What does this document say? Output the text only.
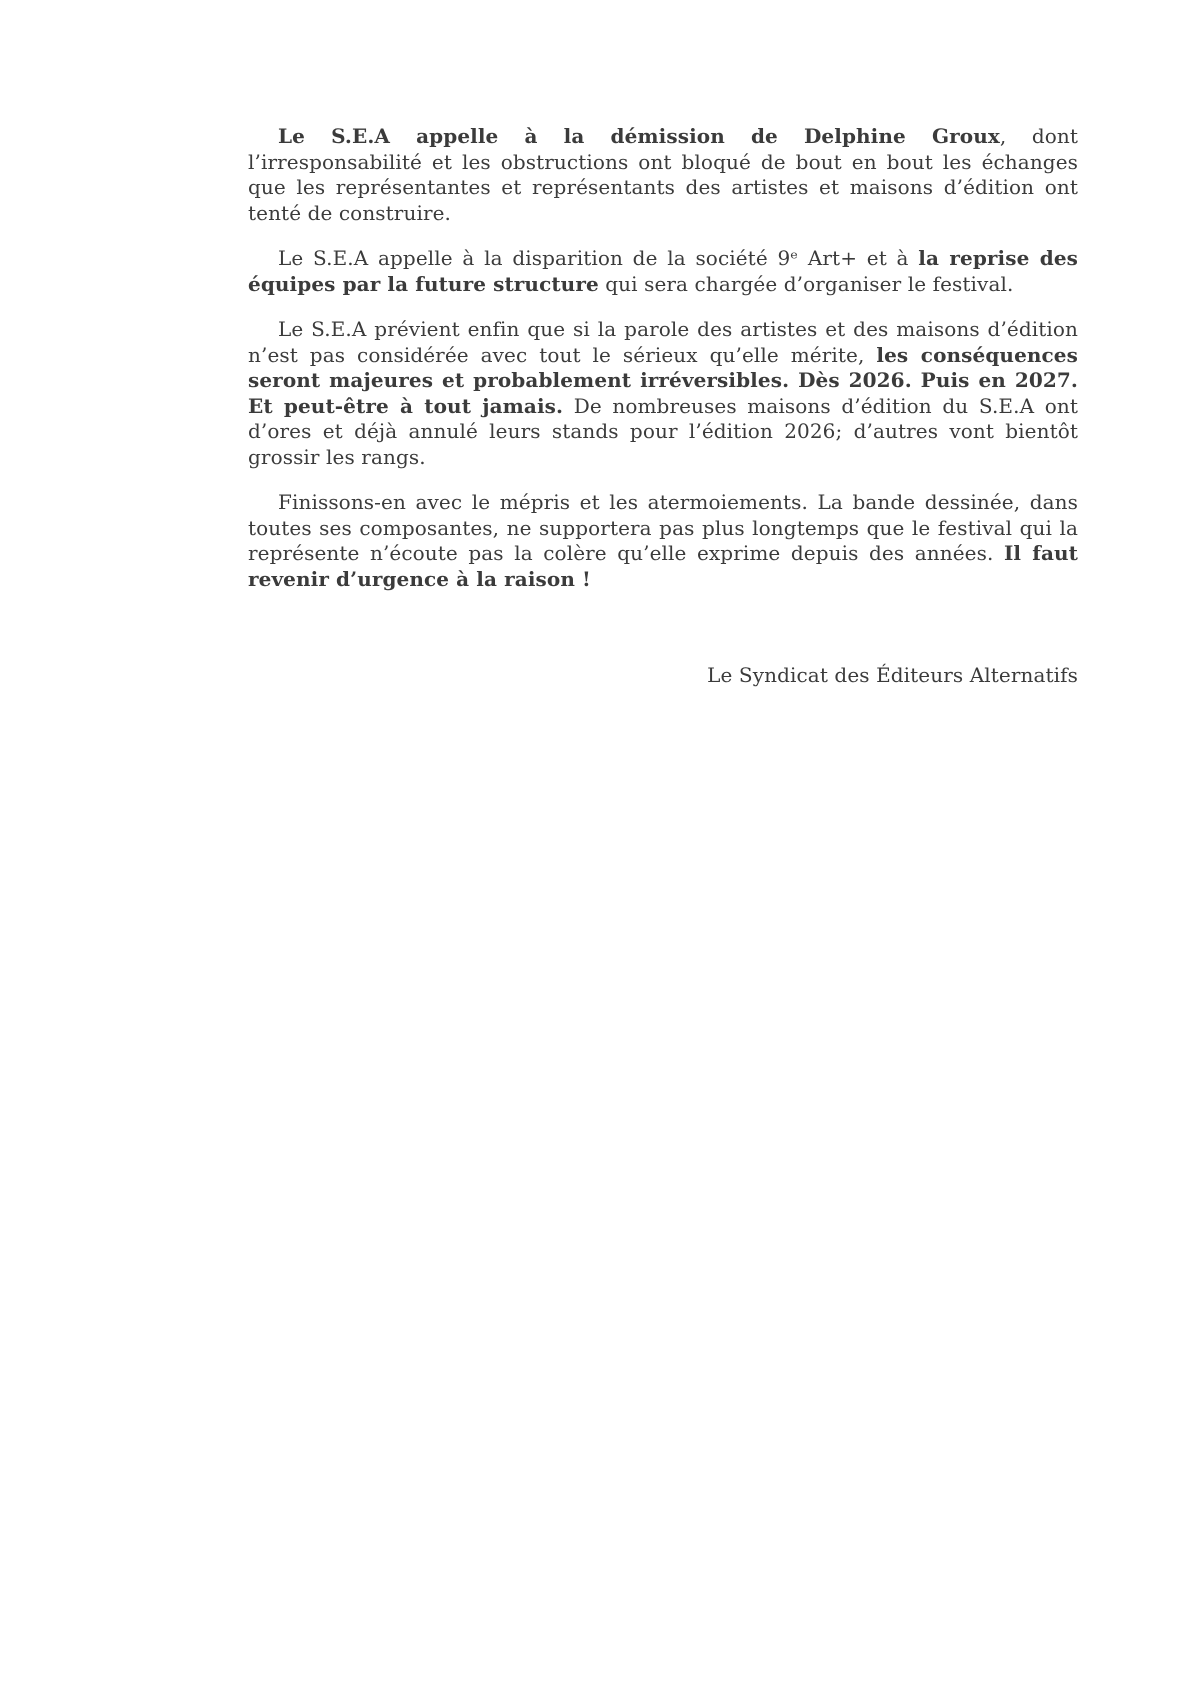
Le S.E.A appelle à la démission de Delphine Groux, dont l’irresponsabilité et les obstructions ont bloqué de bout en bout les échanges que les représentantes et représentants des artistes et maisons d’édition ont tenté de construire.

Le S.E.A appelle à la disparition de la société 9ᵉ Art+ et à la reprise des équipes par la future structure qui sera chargée d’organiser le festival.

Le S.E.A prévient enfin que si la parole des artistes et des maisons d’édition n’est pas considérée avec tout le sérieux qu’elle mérite, les conséquences seront majeures et probablement irréversibles. Dès 2026. Puis en 2027. Et peut-être à tout jamais. De nombreuses maisons d’édition du S.E.A ont d’ores et déjà annulé leurs stands pour l’édition 2026; d’autres vont bientôt grossir les rangs.

Finissons-en avec le mépris et les atermoiements. La bande dessinée, dans toutes ses composantes, ne supportera pas plus longtemps que le festival qui la représente n’écoute pas la colère qu’elle exprime depuis des années. Il faut revenir d’urgence à la raison !

Le Syndicat des Éditeurs Alternatifs
